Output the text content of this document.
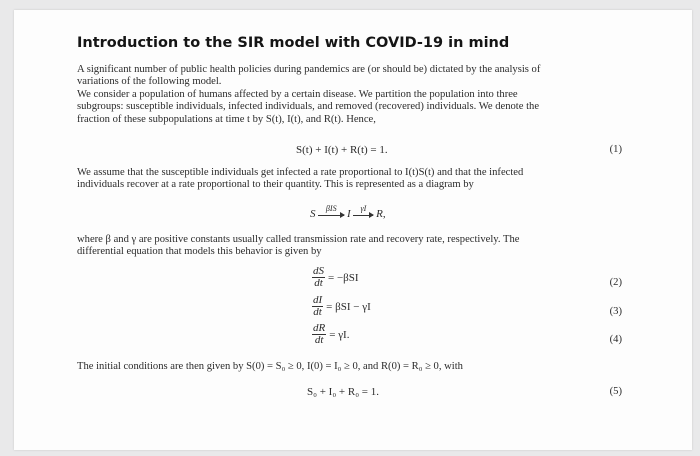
Introduction to the SIR model with COVID-19 in mind
A significant number of public health policies during pandemics are (or should be) dictated by the analysis of
variations of the following model.
We consider a population of humans affected by a certain disease. We partition the population into three
subgroups: susceptible individuals, infected individuals, and removed (recovered) individuals. We denote the
fraction of these subpopulations at time t by S(t), I(t), and R(t). Hence,
S(t) + I(t) + R(t) = 1.	(1)
We assume that the susceptible individuals get infected a rate proportional to I(t)S(t) and that the infected
individuals recover at a rate proportional to their quantity. This is represented as a diagram by
S	βIS I	γI R,
where β and γ are positive constants usually called transmission rate and recovery rate, respectively. The
differential equation that models this behavior is given by
$\frac{dS}{dt} = -\beta SI$	(2)
$\frac{dI}{dt} = \beta SI - \gamma I$	(3)
$\frac{dR}{dt} = \gamma I$.	(4)
The initial conditions are then given by S(0) = S₀ ≥ 0, I(0) = I₀ ≥ 0, and R(0) = R₀ ≥ 0, with
S₀ + I₀ + R₀ = 1.	(5)
